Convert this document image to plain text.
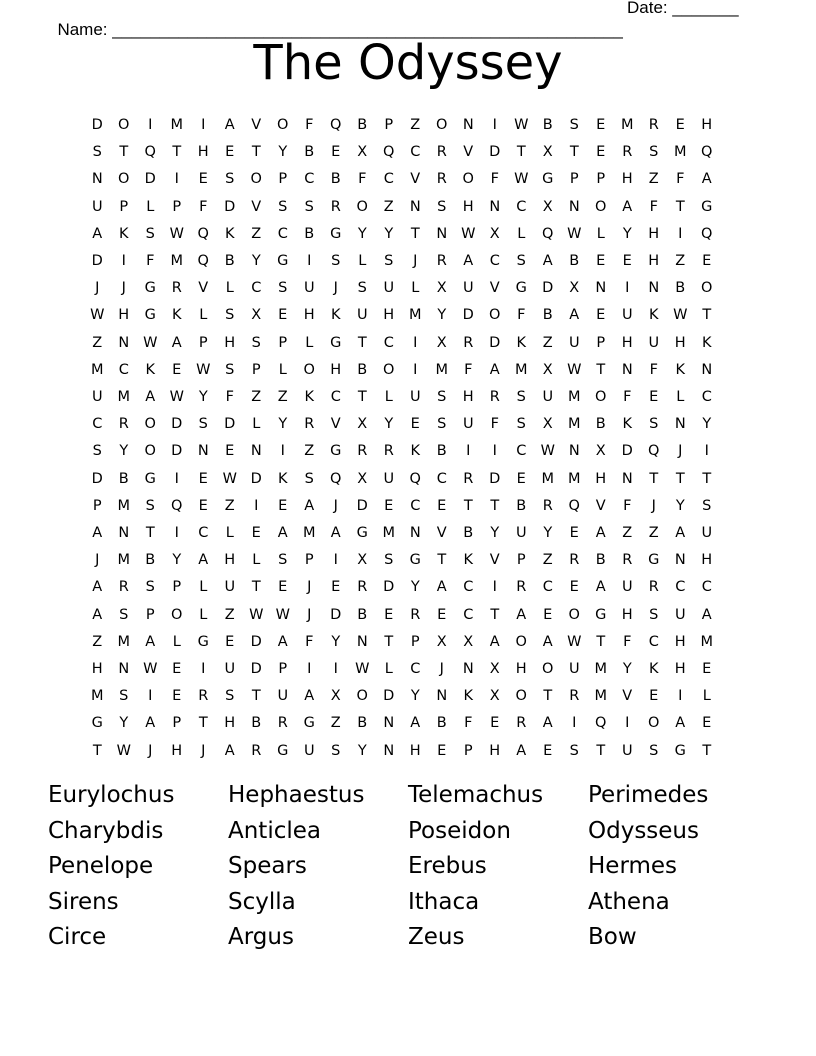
Name: ______________________________________________________

Date: _______

The Odyssey
D	O	I	M	I	A	V	O	F	Q	B	P	Z	O	N	I	W B	S	E	M	R	E	H
S	T	Q	T	H	E	T	Y	B	E	X	Q	C	R	V	D	T	X	T	E	R	S	M	Q
N	O	D	I	E	S	O	P	C	B	F	C	V	R	O	F	W G	P	P	H	Z	F	A
U	P	L	P	F	D	V	S	S	R	O	Z	N	S	H	N	C	X	N	O	A	F	T	G
A	K	S	W Q	K	Z	C	B	G	Y	Y	T	N W X	L	Q W	L	Y	H	I	Q
D	I	F	M	Q	B	Y	G	I	S	L	S	J	R	A	C	S	A	B	E	E	H	Z	E
J	J	G	R	V	L	C	S	U	J	S	U	L	X	U	V	G	D	X	N	I	N	B	O
W H	G	K	L	S	X	E	H	K	U	H	M	Y	D	O	F	B	A	E	U	K	W	T
Z	N W A	P	H	S	P	L	G	T	C	I	X	R	D	K	Z	U	P	H	U	H	K
M	C	K	E	W	S	P	L	O	H	B	O	I	M	F	A	M	X W	T	N	F	K	N
U	M	A W	Y	F	Z	Z	K	C	T	L	U	S	H	R	S	U	M	O	F	E	L	C
C	R	O	D	S	D	L	Y	R	V	X	Y	E	S	U	F	S	X	M	B	K	S	N	Y
S	Y	O	D	N	E	N	I	Z	G	R	R	K	B	I	I	C W N	X	D	Q	J	I
D	B	G	I	E	W D	K	S	Q	X	U	Q	C	R	D	E	M M	H	N	T	T	T
P	M	S	Q	E	Z	I	E	A	J	D	E	C	E	T	T	B	R	Q	V	F	J	Y	S
A	N	T	I	C	L	E	A	M	A	G	M	N	V	B	Y	U	Y	E	A	Z	Z	A	U
J	M	B	Y	A	H	L	S	P	I	X	S	G	T	K	V	P	Z	R	B	R	G	N	H
A	R	S	P	L	U	T	E	J	E	R	D	Y	A	C	I	R	C	E	A	U	R	C	C
A	S	P	O	L	Z W W	J	D	B	E	R	E	C	T	A	E	O	G	H	S	U	A
Z	M	A	L	G	E	D	A	F	Y	N	T	P	X	X	A	O	A W	T	F	C	H	M
H	N W	E	I	U	D	P	I	I	W	L	C	J	N	X	H	O	U	M	Y	K	H	E
M	S	I	E	R	S	T	U	A	X	O	D	Y	N	K	X	O	T	R	M	V	E	I	L
G	Y	A	P	T	H	B	R	G	Z	B	N	A	B	F	E	R	A	I	Q	I	O	A	E
T	W	J	H	J	A	R	G	U	S	Y	N	H	E	P	H	A	E	S	T	U	S	G	T
Eurylochus Hephaestus Telemachus Perimedes
Charybdis	Anticlea	Poseidon	Odysseus
Penelope	Spears	Erebus	Hermes
Sirens	Scylla	Ithaca	Athena
Circe	Argus	Zeus	Bow
